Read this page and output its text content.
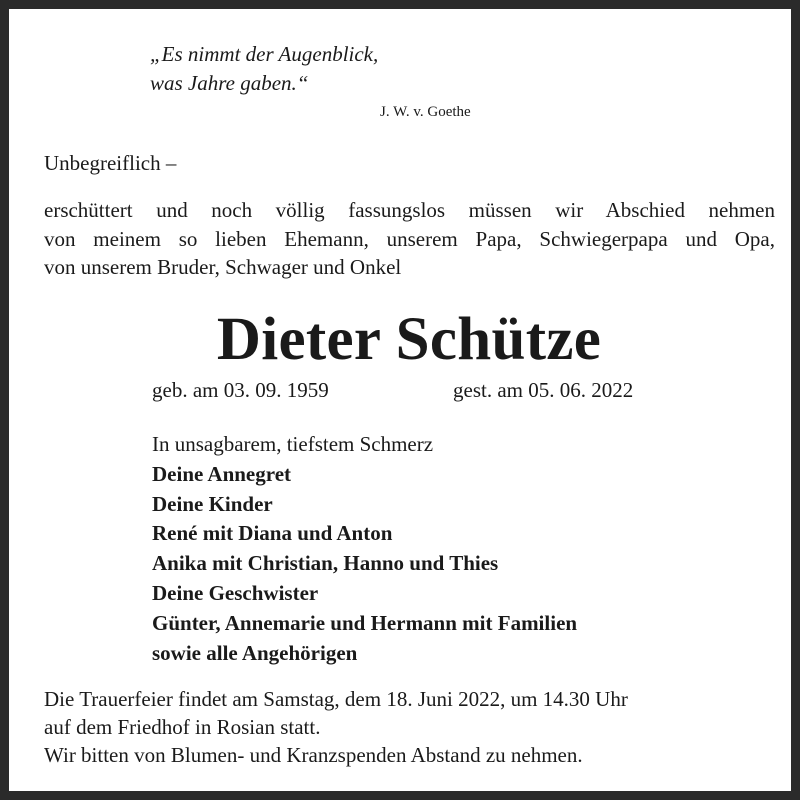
„Es nimmt der Augenblick,
was Jahre gaben.“
J. W. v. Goethe
Unbegreiflich –
erschüttert und noch völlig fassungslos müssen wir Abschied nehmen
von meinem so lieben Ehemann, unserem Papa, Schwiegerpapa und Opa,
von unserem Bruder, Schwager und Onkel
Dieter Schütze
geb. am 03. 09. 1959	gest. am 05. 06. 2022
In unsagbarem, tiefstem Schmerz
Deine Annegret
Deine Kinder
René mit Diana und Anton
Anika mit Christian, Hanno und Thies
Deine Geschwister
Günter, Annemarie und Hermann mit Familien
sowie alle Angehörigen
Die Trauerfeier findet am Samstag, dem 18. Juni 2022, um 14.30 Uhr
auf dem Friedhof in Rosian statt.
Wir bitten von Blumen- und Kranzspenden Abstand zu nehmen.
